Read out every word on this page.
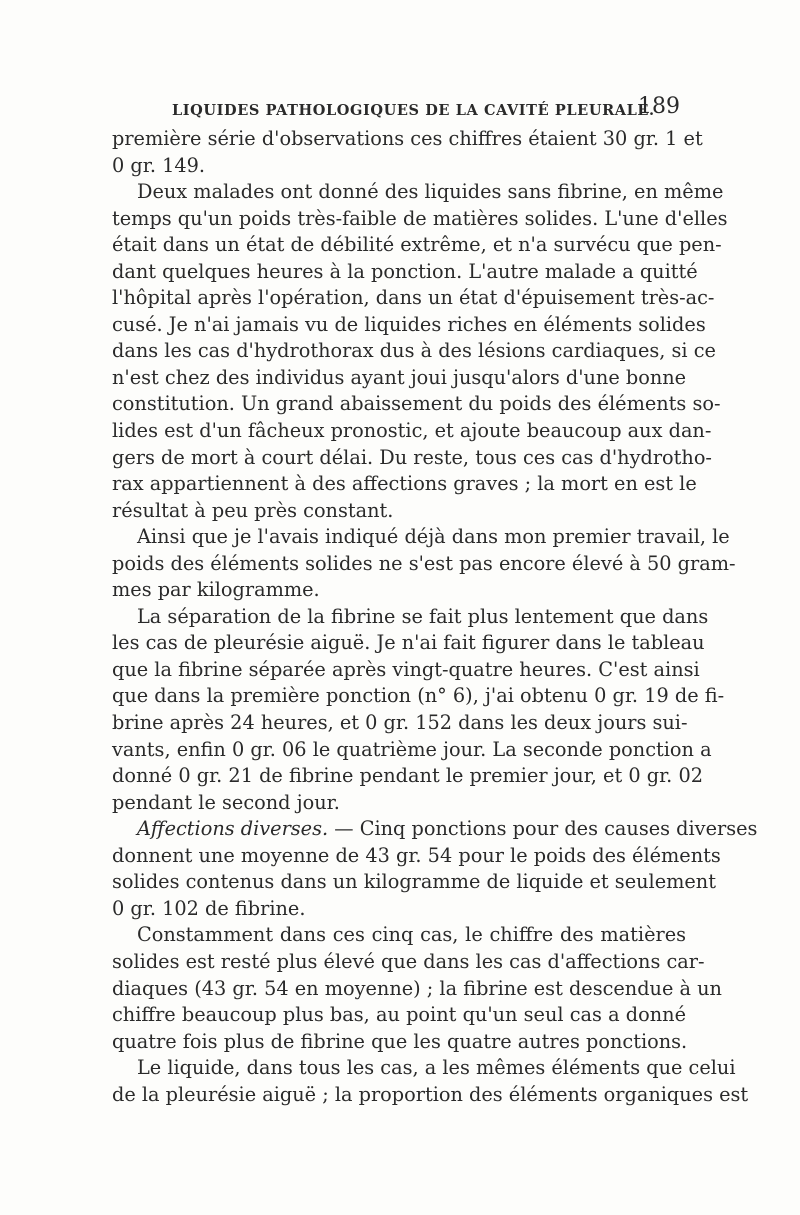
LIQUIDES PATHOLOGIQUES DE LA CAVITÉ PLEURALE.
189
première série d'observations ces chiffres étaient 30 gr. 1 et
0 gr. 149.
Deux malades ont donné des liquides sans fibrine, en même
temps qu'un poids très-faible de matières solides. L'une d'elles
était dans un état de débilité extrême, et n'a survécu que pen-
dant quelques heures à la ponction. L'autre malade a quitté
l'hôpital après l'opération, dans un état d'épuisement très-ac-
cusé. Je n'ai jamais vu de liquides riches en éléments solides
dans les cas d'hydrothorax dus à des lésions cardiaques, si ce
n'est chez des individus ayant joui jusqu'alors d'une bonne
constitution. Un grand abaissement du poids des éléments so-
lides est d'un fâcheux pronostic, et ajoute beaucoup aux dan-
gers de mort à court délai. Du reste, tous ces cas d'hydrotho-
rax appartiennent à des affections graves ; la mort en est le
résultat à peu près constant.
Ainsi que je l'avais indiqué déjà dans mon premier travail, le
poids des éléments solides ne s'est pas encore élevé à 50 gram-
mes par kilogramme.
La séparation de la fibrine se fait plus lentement que dans
les cas de pleurésie aiguë. Je n'ai fait figurer dans le tableau
que la fibrine séparée après vingt-quatre heures. C'est ainsi
que dans la première ponction (n° 6), j'ai obtenu 0 gr. 19 de fi-
brine après 24 heures, et 0 gr. 152 dans les deux jours sui-
vants, enfin 0 gr. 06 le quatrième jour. La seconde ponction a
donné 0 gr. 21 de fibrine pendant le premier jour, et 0 gr. 02
pendant le second jour.
Affections diverses. — Cinq ponctions pour des causes diverses
donnent une moyenne de 43 gr. 54 pour le poids des éléments
solides contenus dans un kilogramme de liquide et seulement
0 gr. 102 de fibrine.
Constamment dans ces cinq cas, le chiffre des matières
solides est resté plus élevé que dans les cas d'affections car-
diaques (43 gr. 54 en moyenne) ; la fibrine est descendue à un
chiffre beaucoup plus bas, au point qu'un seul cas a donné
quatre fois plus de fibrine que les quatre autres ponctions.
Le liquide, dans tous les cas, a les mêmes éléments que celui
de la pleurésie aiguë ; la proportion des éléments organiques est
